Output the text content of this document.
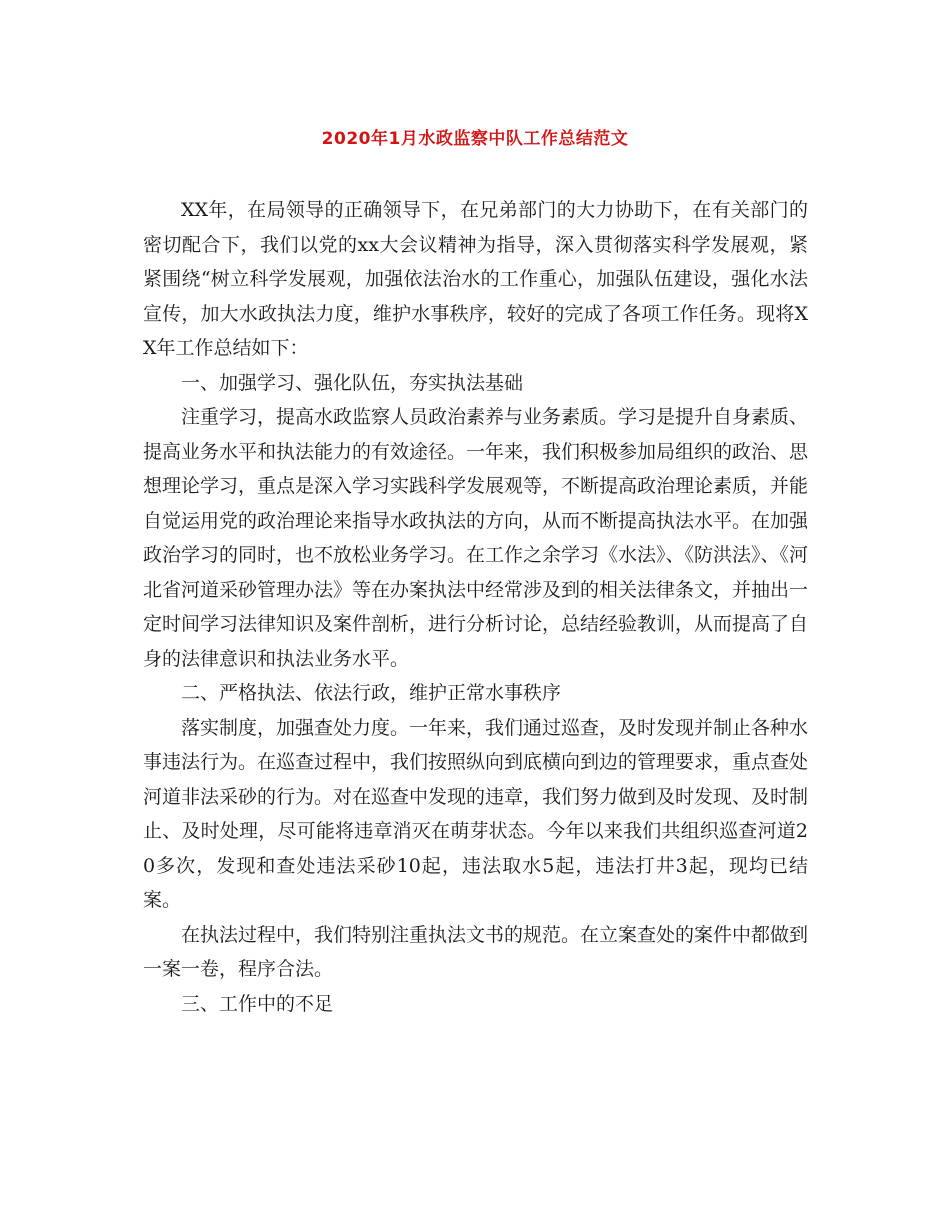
2020年1月水政监察中队工作总结范文

XX年，在局领导的正确领导下，在兄弟部门的大力协助下，在有关部门的密切配合下，我们以党的xx大会议精神为指导，深入贯彻落实科学发展观，紧紧围绕“树立科学发展观，加强依法治水的工作重心，加强队伍建设，强化水法宣传，加大水政执法力度，维护水事秩序，较好的完成了各项工作任务。现将XX年工作总结如下：

一、加强学习、强化队伍，夯实执法基础

注重学习，提高水政监察人员政治素养与业务素质。学习是提升自身素质、提高业务水平和执法能力的有效途径。一年来，我们积极参加局组织的政治、思想理论学习，重点是深入学习实践科学发展观等，不断提高政治理论素质，并能自觉运用党的政治理论来指导水政执法的方向，从而不断提高执法水平。在加强政治学习的同时，也不放松业务学习。在工作之余学习《水法》、《防洪法》、《河北省河道采砂管理办法》等在办案执法中经常涉及到的相关法律条文，并抽出一定时间学习法律知识及案件剖析，进行分析讨论，总结经验教训，从而提高了自身的法律意识和执法业务水平。

二、严格执法、依法行政，维护正常水事秩序

落实制度，加强查处力度。一年来，我们通过巡查，及时发现并制止各种水事违法行为。在巡查过程中，我们按照纵向到底横向到边的管理要求，重点查处河道非法采砂的行为。对在巡查中发现的违章，我们努力做到及时发现、及时制止、及时处理，尽可能将违章消灭在萌芽状态。今年以来我们共组织巡查河道20多次，发现和查处违法采砂10起，违法取水5起，违法打井3起，现均已结案。

在执法过程中，我们特别注重执法文书的规范。在立案查处的案件中都做到一案一卷，程序合法。

三、工作中的不足
